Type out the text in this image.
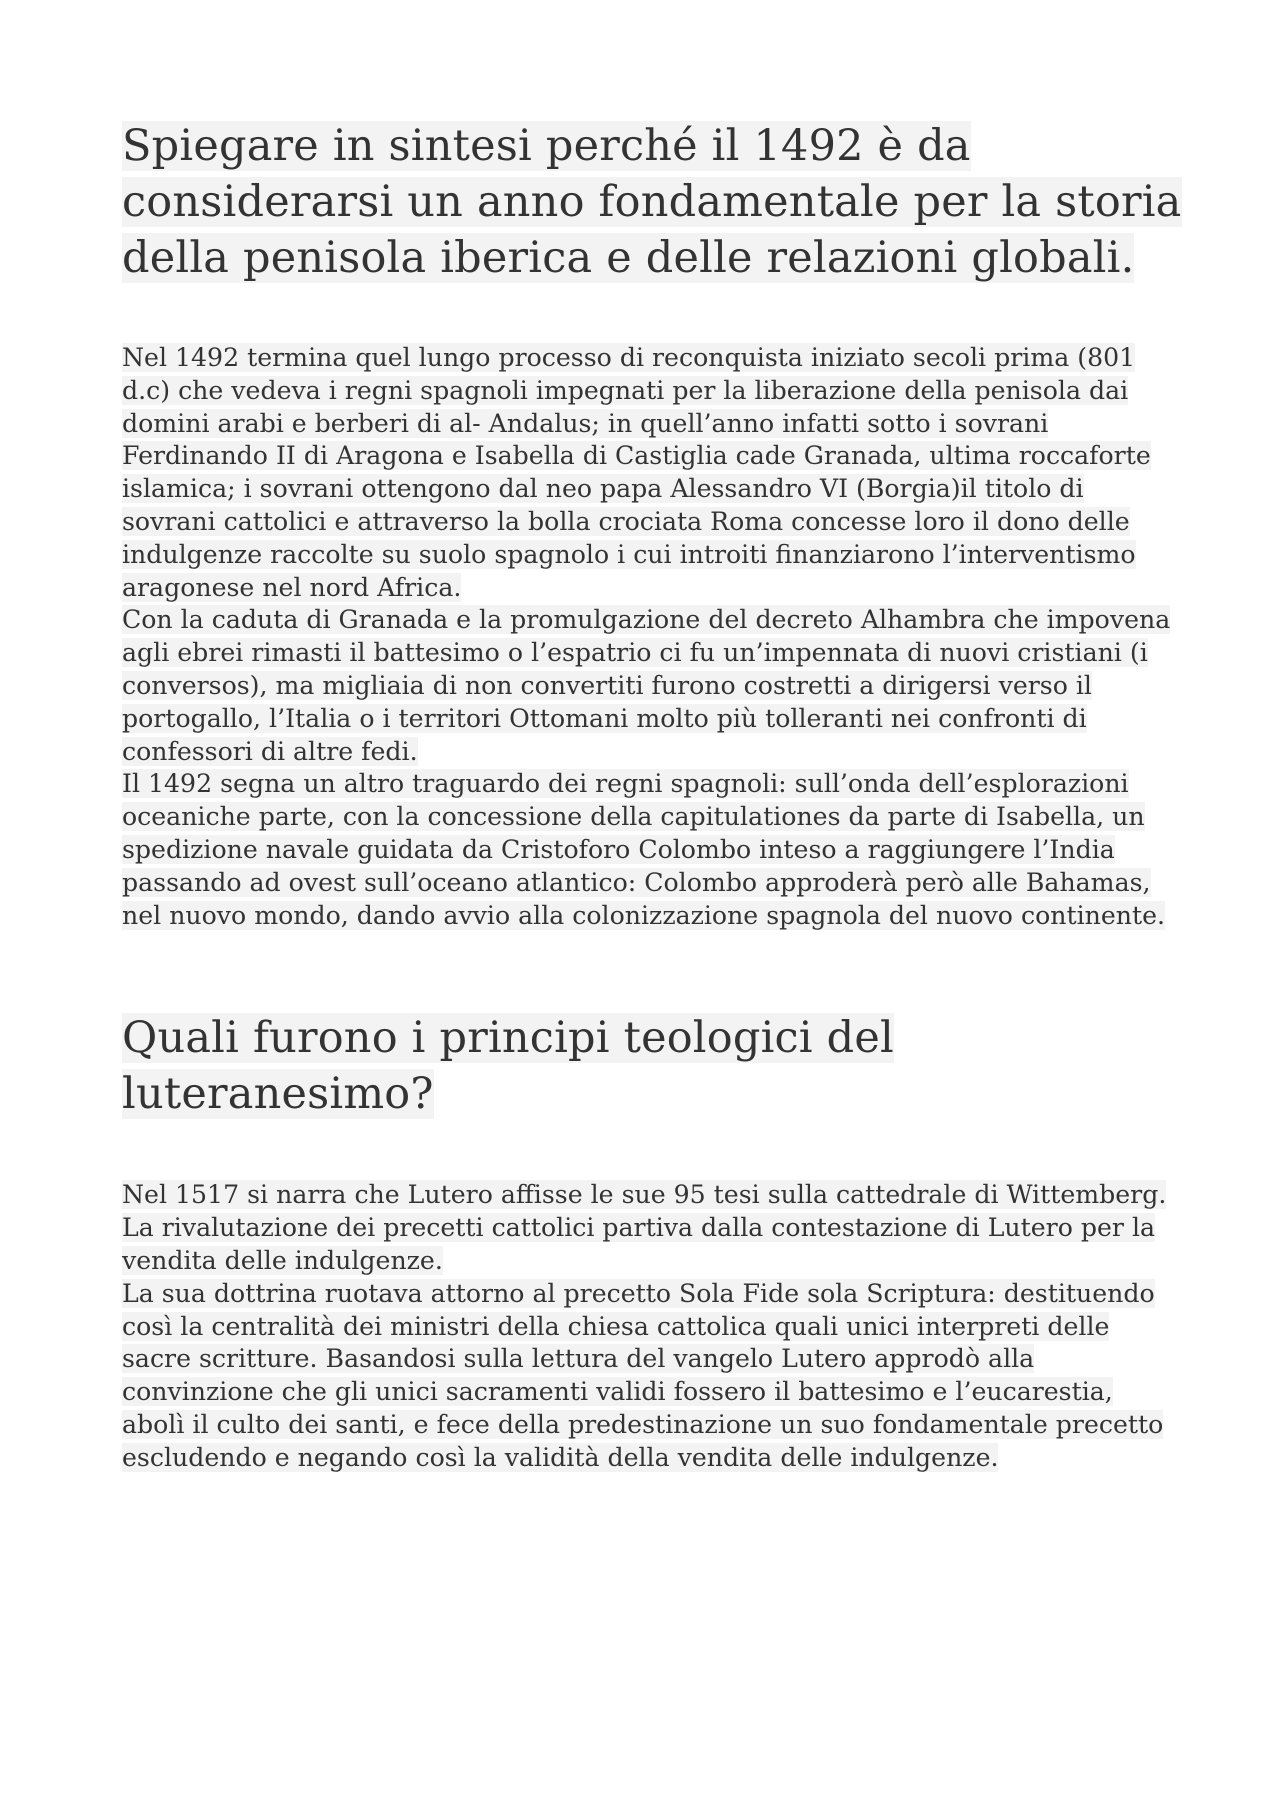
Spiegare in sintesi perché il 1492 è da considerarsi un anno fondamentale per la storia della penisola iberica e delle relazioni globali.

Nel 1492 termina quel lungo processo di reconquista iniziato secoli prima (801 d.c) che vedeva i regni spagnoli impegnati per la liberazione della penisola dai domini arabi e berberi di al- Andalus; in quell’anno infatti sotto i sovrani Ferdinando II di Aragona e Isabella di Castiglia cade Granada, ultima roccaforte islamica; i sovrani ottengono dal neo papa Alessandro VI (Borgia)il titolo di sovrani cattolici e attraverso la bolla crociata Roma concesse loro il dono delle indulgenze raccolte su suolo spagnolo i cui introiti finanziarono l’interventismo aragonese nel nord Africa.

Con la caduta di Granada e la promulgazione del decreto Alhambra che impovena agli ebrei rimasti il battesimo o l’espatrio ci fu un’impennata di nuovi cristiani (i conversos), ma migliaia di non convertiti furono costretti a dirigersi verso il portogallo, l’Italia o i territori Ottomani molto più tolleranti nei confronti di confessori di altre fedi.

Il 1492 segna un altro traguardo dei regni spagnoli: sull’onda dell’esplorazioni oceaniche parte, con la concessione della capitulationes da parte di Isabella, un spedizione navale guidata da Cristoforo Colombo inteso a raggiungere l’India passando ad ovest sull’oceano atlantico: Colombo approderà però alle Bahamas, nel nuovo mondo, dando avvio alla colonizzazione spagnola del nuovo continente.

Quali furono i principi teologici del luteranesimo?

Nel 1517 si narra che Lutero affisse le sue 95 tesi sulla cattedrale di Wittemberg.

La rivalutazione dei precetti cattolici partiva dalla contestazione di Lutero per la vendita delle indulgenze.

La sua dottrina ruotava attorno al precetto Sola Fide sola Scriptura: destituendo così la centralità dei ministri della chiesa cattolica quali unici interpreti delle sacre scritture. Basandosi sulla lettura del vangelo Lutero approdò alla convinzione che gli unici sacramenti validi fossero il battesimo e l’eucarestia, abolì il culto dei santi, e fece della predestinazione un suo fondamentale precetto escludendo e negando così la validità della vendita delle indulgenze.
